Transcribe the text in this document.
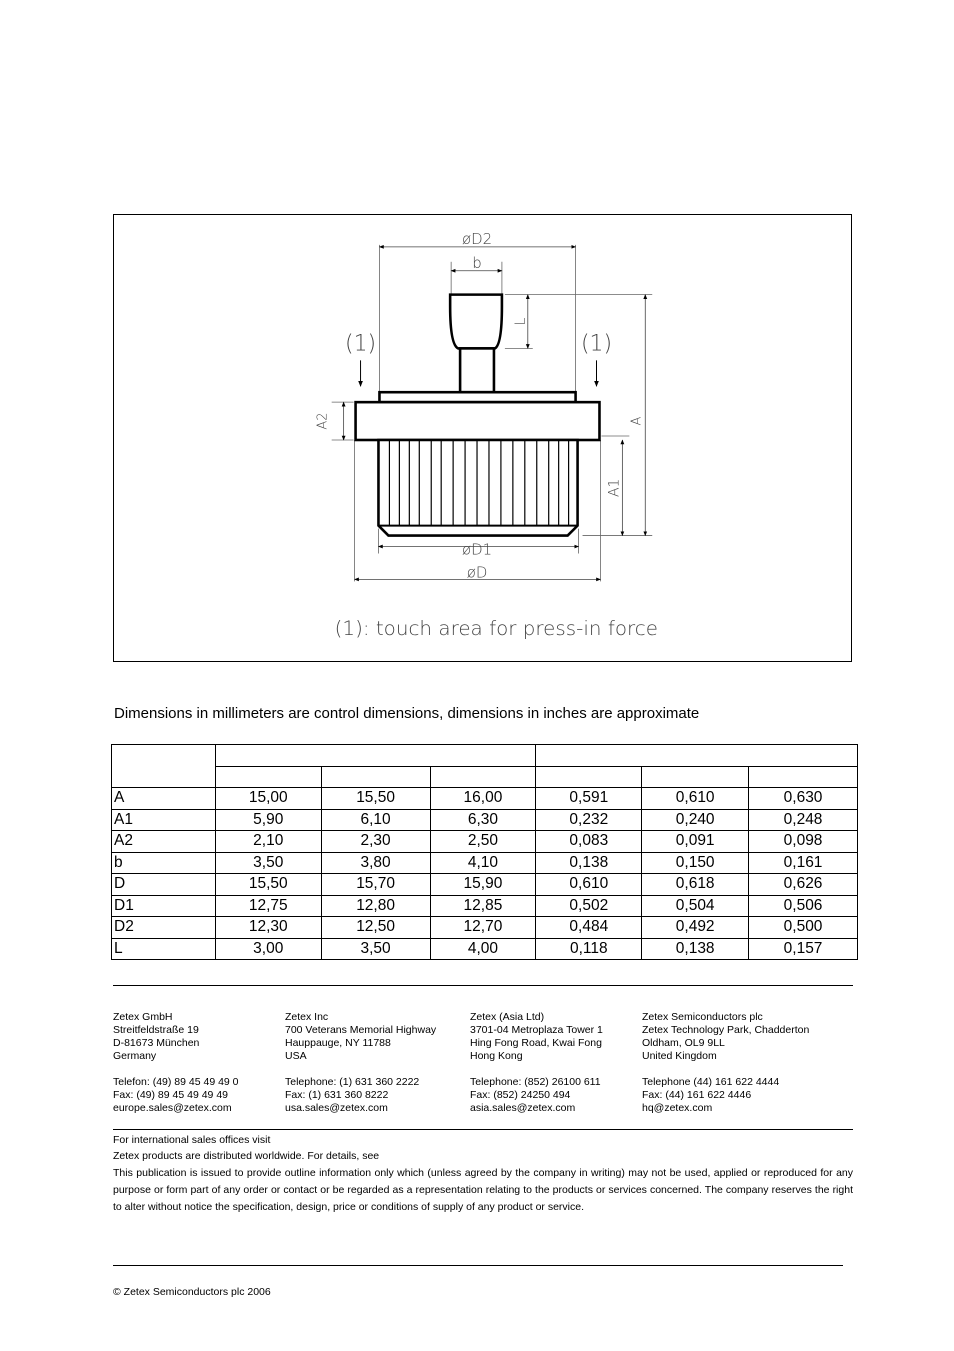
øD2
b
L
A
A1
A2
øD1
øD
(1)	(1)
(1): touch area for press-in force
Dimensions in millimeters are control dimensions, dimensions in inches are approximate

A	15,00	15,50	16,00	0,591	0,610	0,630
A1	5,90	6,10	6,30	0,232	0,240	0,248
A2	2,10	2,30	2,50	0,083	0,091	0,098
b	3,50	3,80	4,10	0,138	0,150	0,161
D	15,50	15,70	15,90	0,610	0,618	0,626
D1	12,75	12,80	12,85	0,502	0,504	0,506
D2	12,30	12,50	12,70	0,484	0,492	0,500
L	3,00	3,50	4,00	0,118	0,138	0,157
Zetex GmbH
Streitfeldstraße 19
D-81673 München
Germany
Telefon: (49) 89 45 49 49 0
Fax: (49) 89 45 49 49 49
europe.sales@zetex.com
Zetex Inc
700 Veterans Memorial Highway
Hauppauge, NY 11788
USA
Telephone: (1) 631 360 2222
Fax: (1) 631 360 8222
usa.sales@zetex.com
Zetex (Asia Ltd)
3701-04 Metroplaza Tower 1
Hing Fong Road, Kwai Fong
Hong Kong
Telephone: (852) 26100 611
Fax: (852) 24250 494
asia.sales@zetex.com
Zetex Semiconductors plc
Zetex Technology Park, Chadderton
Oldham, OL9 9LL
United Kingdom
Telephone (44) 161 622 4444
Fax: (44) 161 622 4446
hq@zetex.com
For international sales offices visit
Zetex products are distributed worldwide. For details, see
This publication is issued to provide outline information only which (unless agreed by the company in writing) may not be used, applied or reproduced for any purpose or form part of any order or contact or be regarded as a representation relating to the products or services concerned. The company reserves the right to alter without notice the specification, design, price or conditions of supply of any product or service.
© Zetex Semiconductors plc 2006
